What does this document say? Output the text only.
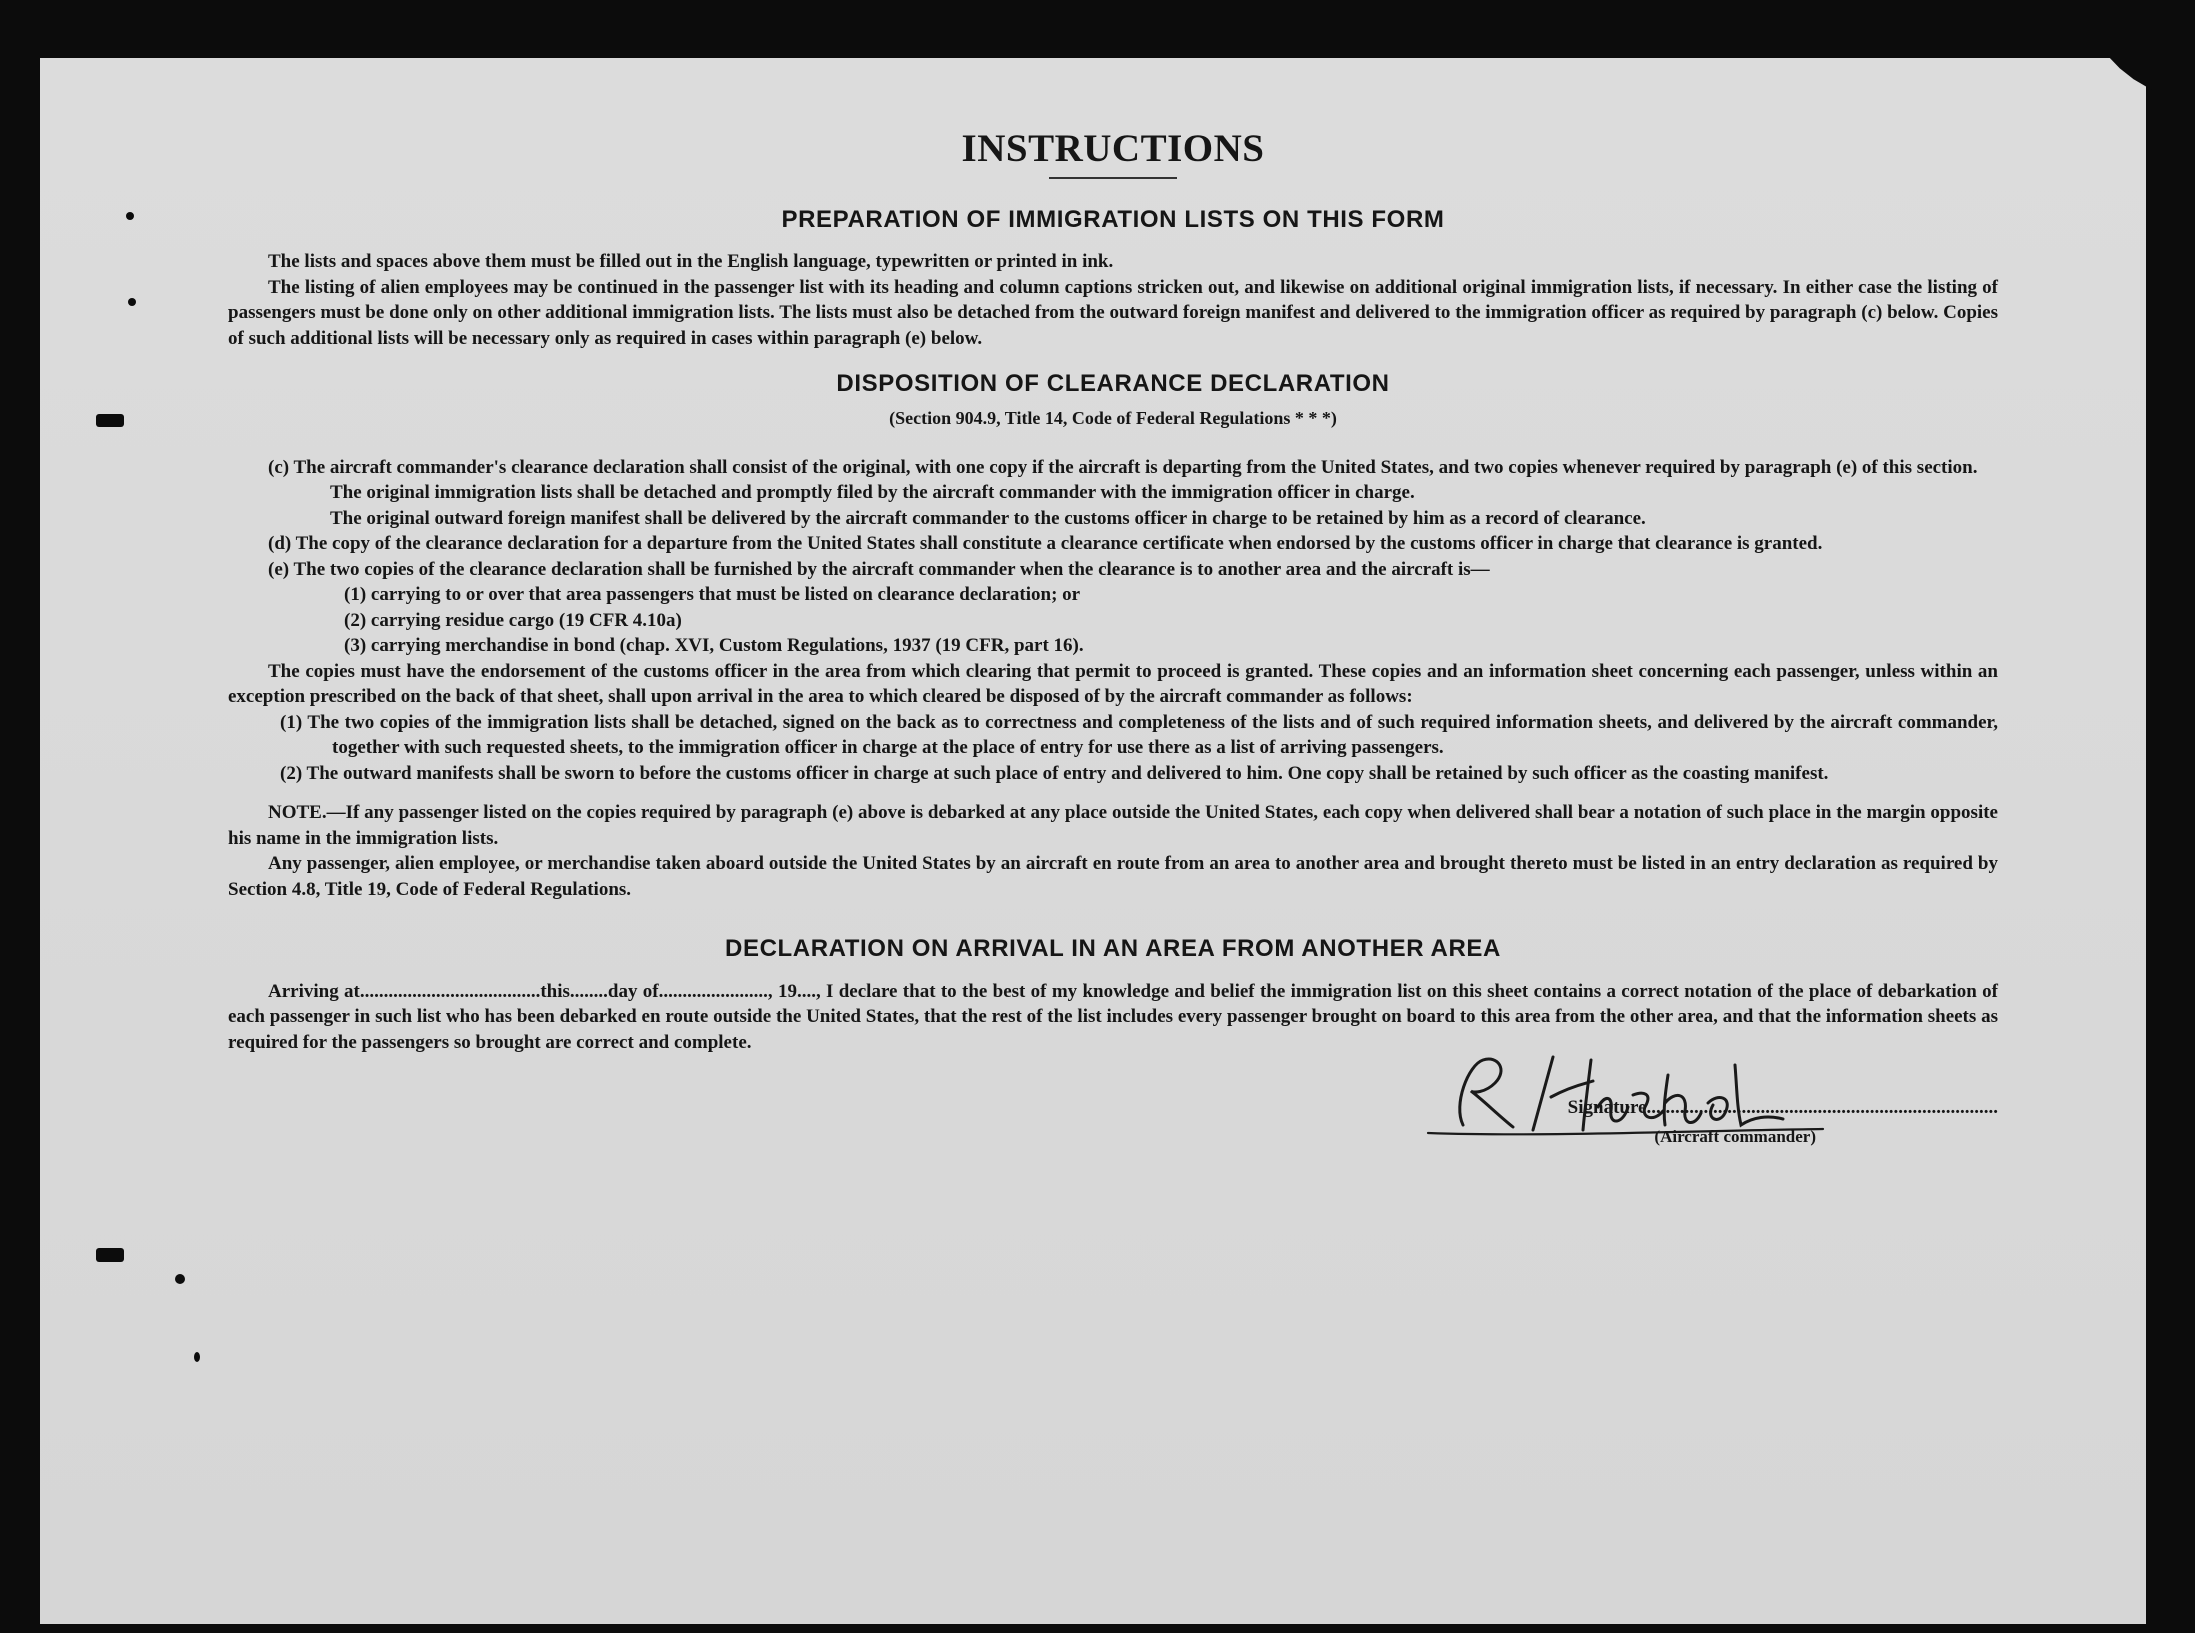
INSTRUCTIONS
PREPARATION OF IMMIGRATION LISTS ON THIS FORM

The lists and spaces above them must be filled out in the English language, typewritten or printed in ink.

The listing of alien employees may be continued in the passenger list with its heading and column captions stricken out, and likewise on additional original immigration lists, if necessary. In either case the listing of passengers must be done only on other additional immigration lists. The lists must also be detached from the outward foreign manifest and delivered to the immigration officer as required by paragraph (c) below. Copies of such additional lists will be necessary only as required in cases within paragraph (e) below.

DISPOSITION OF CLEARANCE DECLARATION
(Section 904.9, Title 14, Code of Federal Regulations * * *)

(c) The aircraft commander's clearance declaration shall consist of the original, with one copy if the aircraft is departing from the United States, and two copies whenever required by paragraph (e) of this section.

The original immigration lists shall be detached and promptly filed by the aircraft commander with the immigration officer in charge.

The original outward foreign manifest shall be delivered by the aircraft commander to the customs officer in charge to be retained by him as a record of clearance.

(d) The copy of the clearance declaration for a departure from the United States shall constitute a clearance certificate when endorsed by the customs officer in charge that clearance is granted.

(e) The two copies of the clearance declaration shall be furnished by the aircraft commander when the clearance is to another area and the aircraft is—

(1) carrying to or over that area passengers that must be listed on clearance declaration; or

(2) carrying residue cargo (19 CFR 4.10a)

(3) carrying merchandise in bond (chap. XVI, Custom Regulations, 1937 (19 CFR, part 16).

The copies must have the endorsement of the customs officer in the area from which clearing that permit to proceed is granted. These copies and an information sheet concerning each passenger, unless within an exception prescribed on the back of that sheet, shall upon arrival in the area to which cleared be disposed of by the aircraft commander as follows:

(1) The two copies of the immigration lists shall be detached, signed on the back as to correctness and completeness of the lists and of such required information sheets, and delivered by the aircraft commander, together with such requested sheets, to the immigration officer in charge at the place of entry for use there as a list of arriving passengers.

(2) The outward manifests shall be sworn to before the customs officer in charge at such place of entry and delivered to him. One copy shall be retained by such officer as the coasting manifest.

NOTE.—If any passenger listed on the copies required by paragraph (e) above is debarked at any place outside the United States, each copy when delivered shall bear a notation of such place in the margin opposite his name in the immigration lists.

Any passenger, alien employee, or merchandise taken aboard outside the United States by an aircraft en route from an area to another area and brought thereto must be listed in an entry declaration as required by Section 4.8, Title 19, Code of Federal Regulations.

DECLARATION ON ARRIVAL IN AN AREA FROM ANOTHER AREA

Arriving at......................................this........day of......................., 19...., I declare that to the best of my knowledge and belief the immigration list on this sheet contains a correct notation of the place of debarkation of each passenger in such list who has been debarked en route outside the United States, that the rest of the list includes every passenger brought on board to this area from the other area, and that the information sheets as required for the passengers so brought are correct and complete.

Signature..........................................................................
(Aircraft commander)
